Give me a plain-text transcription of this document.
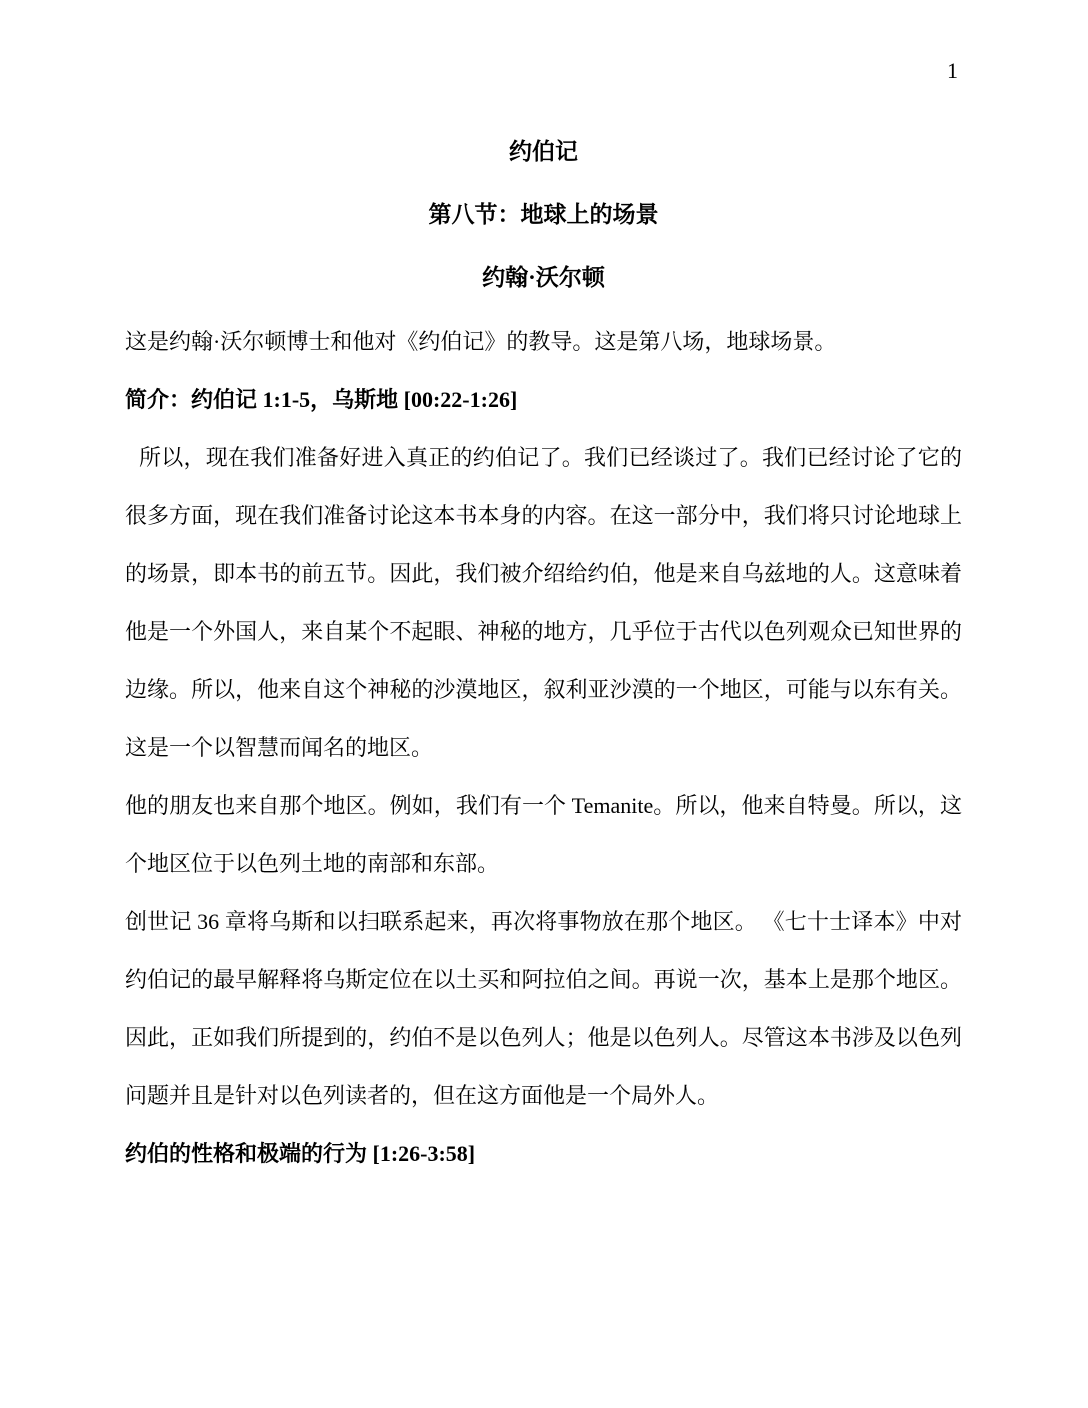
1
约伯记
第八节：地球上的场景
约翰·沃尔顿

这是约翰·沃尔顿博士和他对《约伯记》的教导。这是第八场，地球场景。

简介：约伯记 1:1-5，乌斯地 [00:22-1:26]

所以，现在我们准备好进入真正的约伯记了。我们已经谈过了。我们已经讨论了它的很多方面，现在我们准备讨论这本书本身的内容。在这一部分中，我们将只讨论地球上的场景，即本书的前五节。因此，我们被介绍给约伯，他是来自乌兹地的人。这意味着他是一个外国人，来自某个不起眼、神秘的地方，几乎位于古代以色列观众已知世界的边缘。所以，他来自这个神秘的沙漠地区，叙利亚沙漠的一个地区，可能与以东有关。这是一个以智慧而闻名的地区。

他的朋友也来自那个地区。例如，我们有一个 Temanite。所以，他来自特曼。所以，这个地区位于以色列土地的南部和东部。

创世记 36 章将乌斯和以扫联系起来，再次将事物放在那个地区。 《七十士译本》中对约伯记的最早解释将乌斯定位在以土买和阿拉伯之间。再说一次，基本上是那个地区。因此，正如我们所提到的，约伯不是以色列人；他是以色列人。尽管这本书涉及以色列问题并且是针对以色列读者的，但在这方面他是一个局外人。

约伯的性格和极端的行为 [1:26-3:58]
